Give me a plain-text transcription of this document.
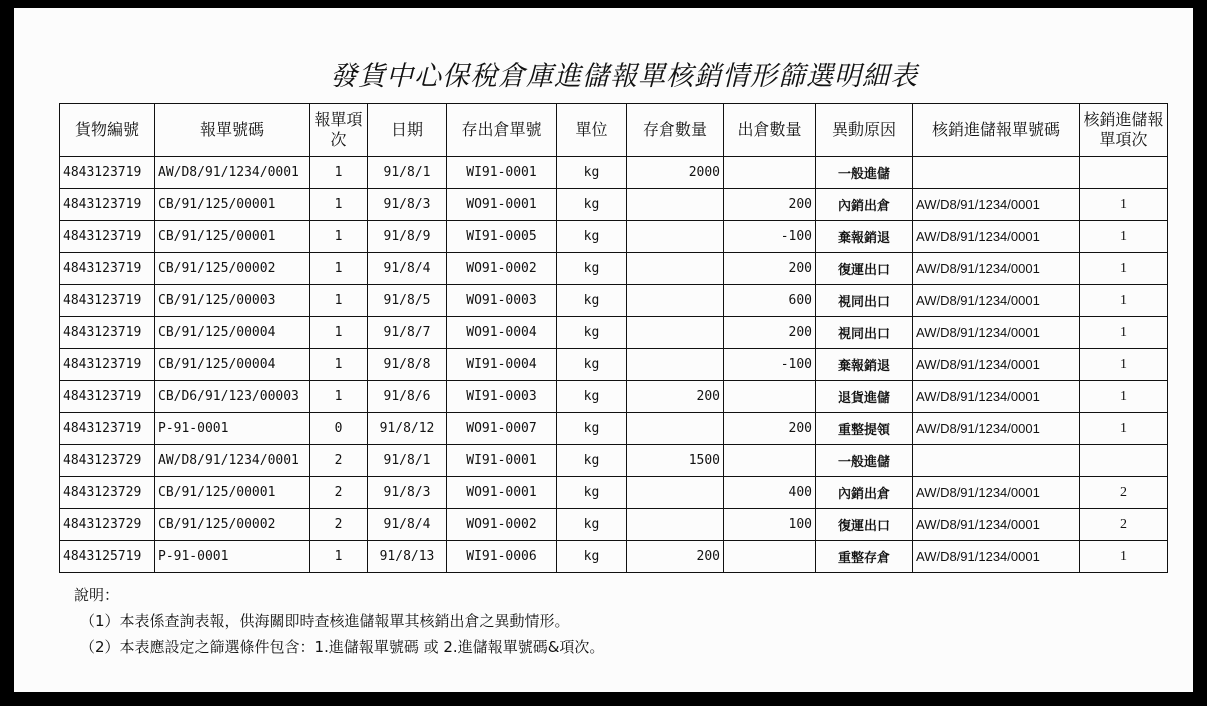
發貨中心保稅倉庫進儲報單核銷情形篩選明細表
貨物編號	報單號碼	報單項次	日期	存出倉單號	單位	存倉數量	出倉數量	異動原因	核銷進儲報單號碼	核銷進儲報單項次
4843123719	AW/D8/91/1234/0001	1	91/8/1	WI91-0001	kg	2000		一般進儲		
4843123719	CB/91/125/00001	1	91/8/3	WO91-0001	kg		200	內銷出倉	AW/D8/91/1234/0001	1
4843123719	CB/91/125/00001	1	91/8/9	WI91-0005	kg		-100	棄報銷退	AW/D8/91/1234/0001	1
4843123719	CB/91/125/00002	1	91/8/4	WO91-0002	kg		200	復運出口	AW/D8/91/1234/0001	1
4843123719	CB/91/125/00003	1	91/8/5	WO91-0003	kg		600	視同出口	AW/D8/91/1234/0001	1
4843123719	CB/91/125/00004	1	91/8/7	WO91-0004	kg		200	視同出口	AW/D8/91/1234/0001	1
4843123719	CB/91/125/00004	1	91/8/8	WI91-0004	kg		-100	棄報銷退	AW/D8/91/1234/0001	1
4843123719	CB/D6/91/123/00003	1	91/8/6	WI91-0003	kg	200		退貨進儲	AW/D8/91/1234/0001	1
4843123719	P-91-0001	0	91/8/12	WO91-0007	kg		200	重整提領	AW/D8/91/1234/0001	1
4843123729	AW/D8/91/1234/0001	2	91/8/1	WI91-0001	kg	1500		一般進儲		
4843123729	CB/91/125/00001	2	91/8/3	WO91-0001	kg		400	內銷出倉	AW/D8/91/1234/0001	2
4843123729	CB/91/125/00002	2	91/8/4	WO91-0002	kg		100	復運出口	AW/D8/91/1234/0001	2
4843125719	P-91-0001	1	91/8/13	WI91-0006	kg	200		重整存倉	AW/D8/91/1234/0001	1
說明：
（1）本表係查詢表報，供海關即時查核進儲報單其核銷出倉之異動情形。
（2）本表應設定之篩選條件包含：1.進儲報單號碼 或 2.進儲報單號碼&項次。
